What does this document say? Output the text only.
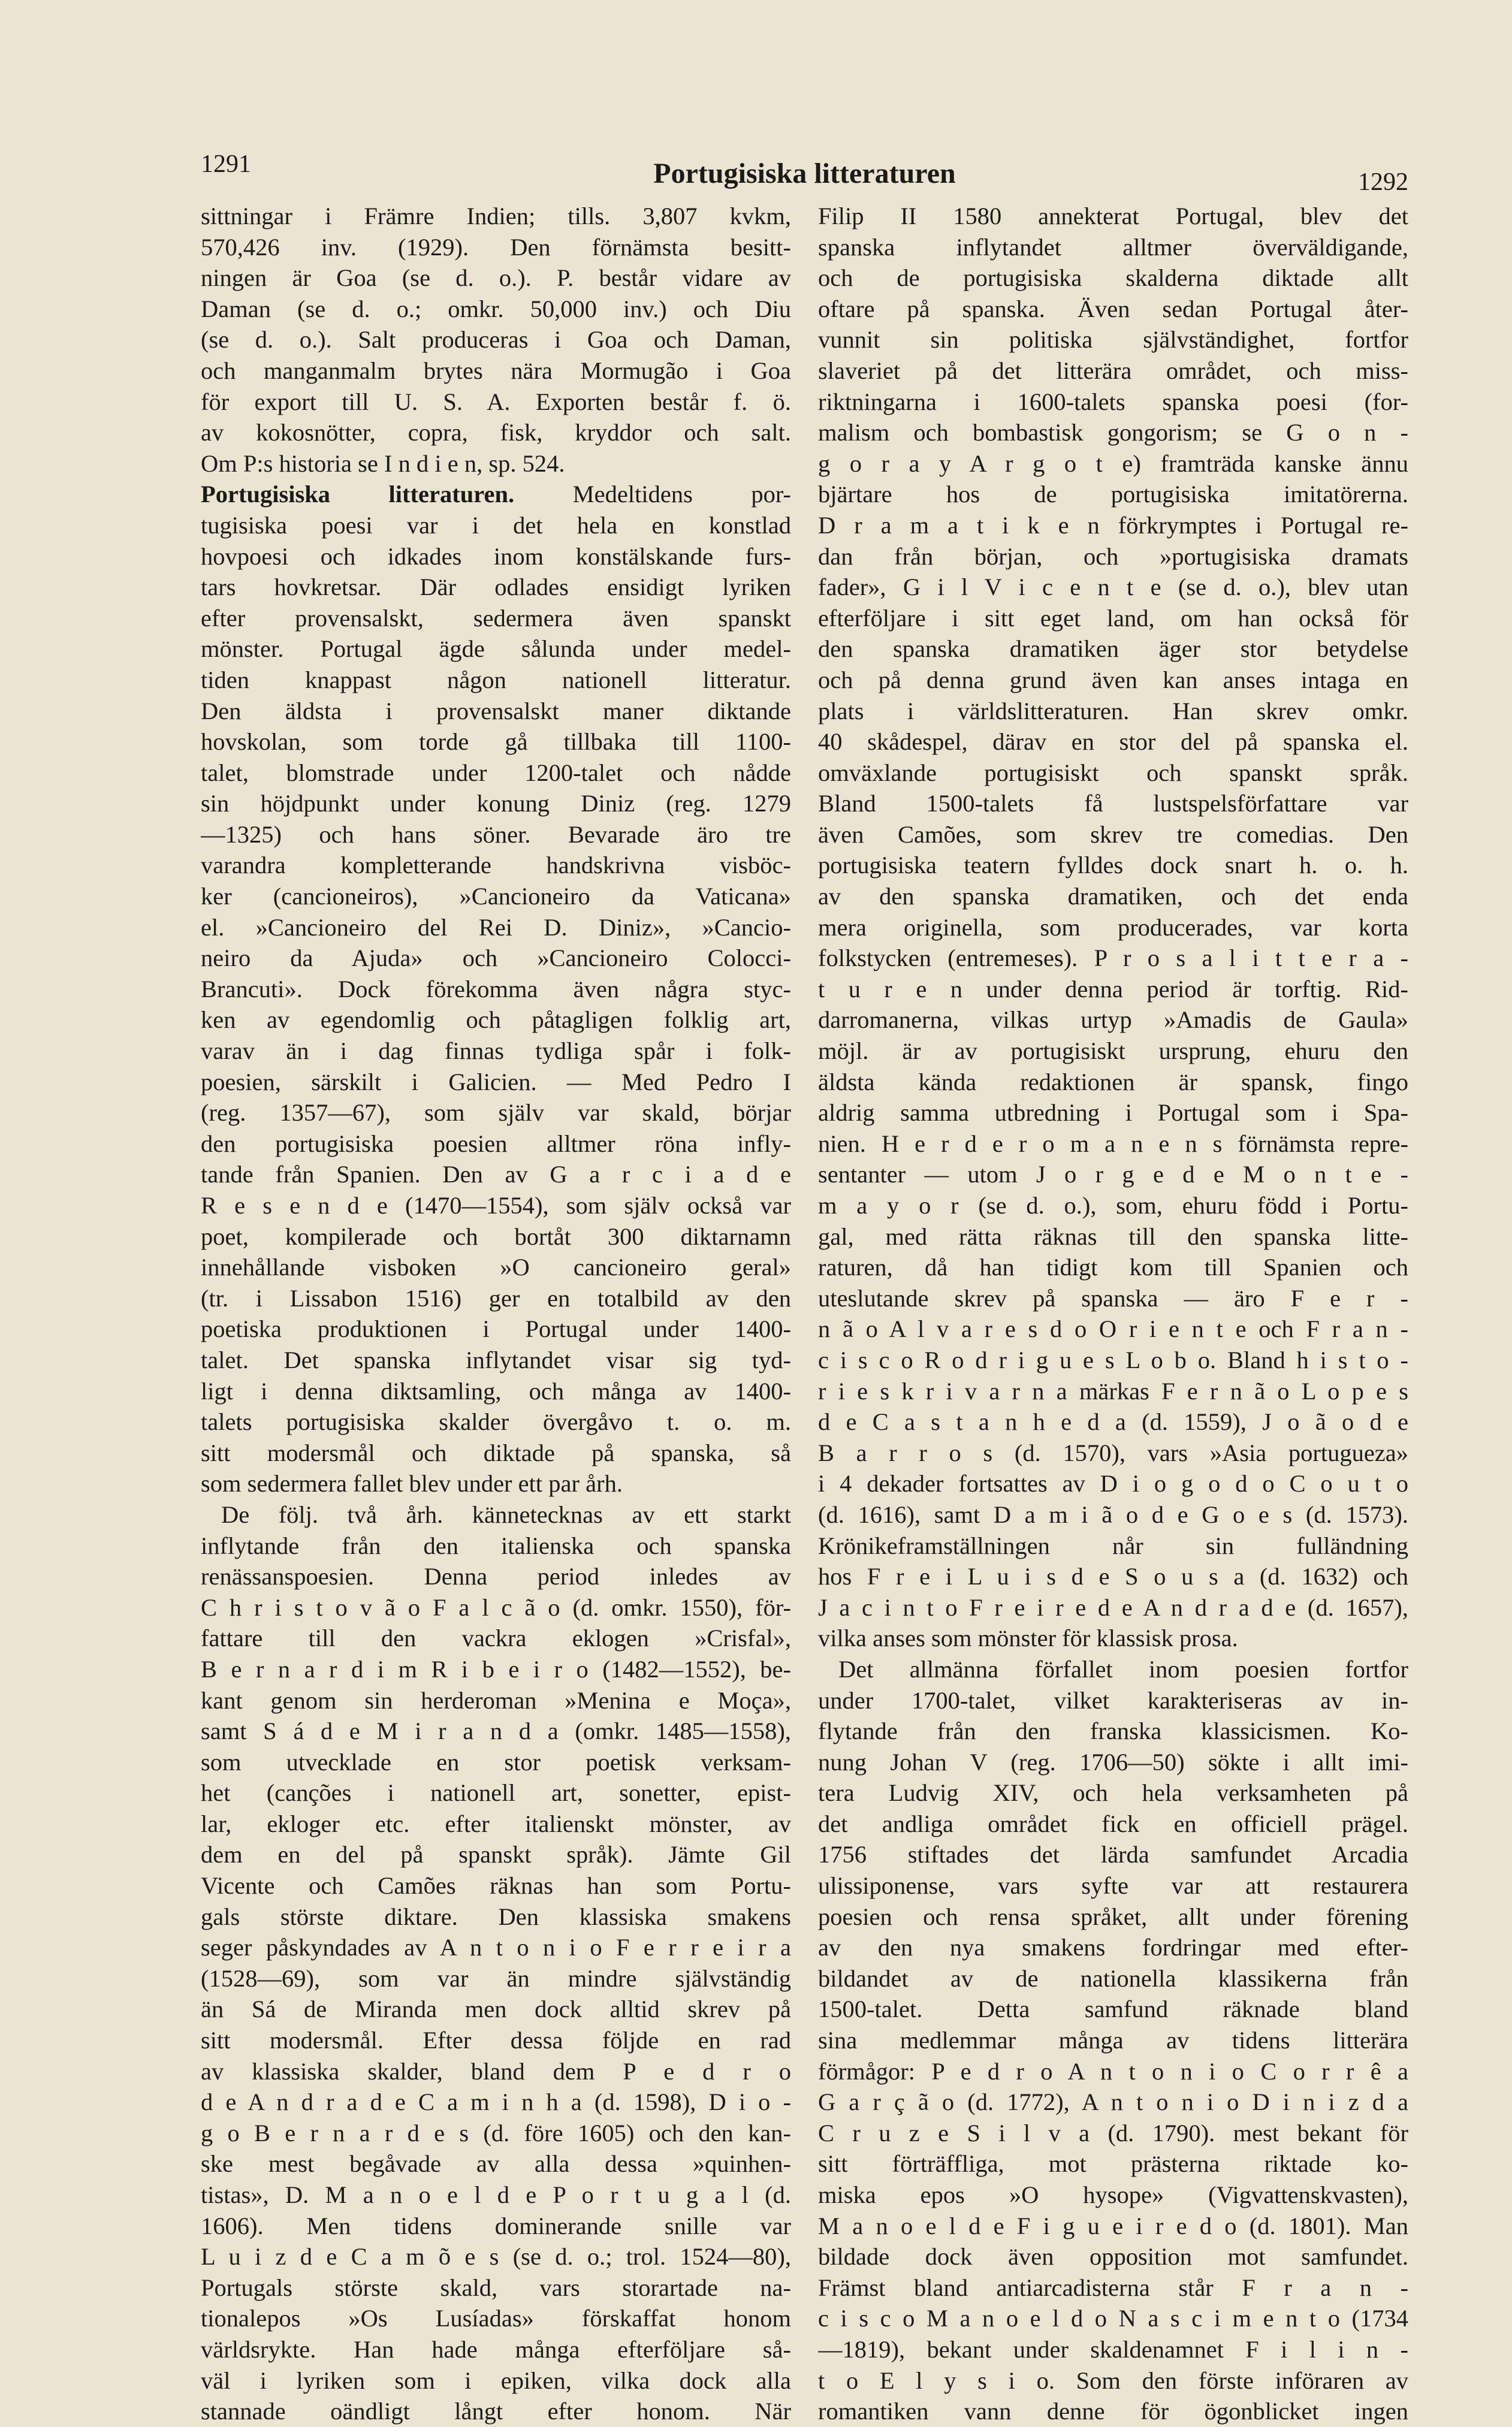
1291	Portugisiska litteraturen	1292
sittningar i Främre Indien; tills. 3,807 kvkm,
570,426 inv. (1929). Den förnämsta besitt-
ningen är Goa (se d. o.). P. består vidare av
Daman (se d. o.; omkr. 50,000 inv.) och Diu
(se d. o.). Salt produceras i Goa och Daman,
och manganmalm brytes nära Mormugão i Goa
för export till U. S. A. Exporten består f. ö.
av kokosnötter, copra, fisk, kryddor och salt.
Om P:s historia se I n d i e n, sp. 524.
Portugisiska litteraturen. Medeltidens por-
tugisiska poesi var i det hela en konstlad
hovpoesi och idkades inom konstälskande furs-
tars hovkretsar. Där odlades ensidigt lyriken
efter provensalskt, sedermera även spanskt
mönster. Portugal ägde sålunda under medel-
tiden knappast någon nationell litteratur.
Den äldsta i provensalskt maner diktande
hovskolan, som torde gå tillbaka till 1100-
talet, blomstrade under 1200-talet och nådde
sin höjdpunkt under konung Diniz (reg. 1279
—1325) och hans söner. Bevarade äro tre
varandra kompletterande handskrivna visböc-
ker (cancioneiros), »Cancioneiro da Vaticana»
el. »Cancioneiro del Rei D. Diniz», »Cancio-
neiro da Ajuda» och »Cancioneiro Colocci-
Brancuti». Dock förekomma även några styc-
ken av egendomlig och påtagligen folklig art,
varav än i dag finnas tydliga spår i folk-
poesien, särskilt i Galicien. — Med Pedro I
(reg. 1357—67), som själv var skald, börjar
den portugisiska poesien alltmer röna infly-
tande från Spanien. Den av G a r c i a d e
R e s e n d e (1470—1554), som själv också var
poet, kompilerade och bortåt 300 diktarnamn
innehållande visboken »O cancioneiro geral»
(tr. i Lissabon 1516) ger en totalbild av den
poetiska produktionen i Portugal under 1400-
talet. Det spanska inflytandet visar sig tyd-
ligt i denna diktsamling, och många av 1400-
talets portugisiska skalder övergåvo t. o. m.
sitt modersmål och diktade på spanska, så
som sedermera fallet blev under ett par årh.
De följ. två årh. kännetecknas av ett starkt
inflytande från den italienska och spanska
renässanspoesien. Denna period inledes av
C h r i s t o v ã o F a l c ã o (d. omkr. 1550), för-
fattare till den vackra eklogen »Crisfal»,
B e r n a r d i m R i b e i r o (1482—1552), be-
kant genom sin herderoman »Menina e Moça»,
samt S á d e M i r a n d a (omkr. 1485—1558),
som utvecklade en stor poetisk verksam-
het (canções i nationell art, sonetter, epist-
lar, ekloger etc. efter italienskt mönster, av
dem en del på spanskt språk). Jämte Gil
Vicente och Camões räknas han som Portu-
gals störste diktare. Den klassiska smakens
seger påskyndades av A n t o n i o F e r r e i r a
(1528—69), som var än mindre självständig
än Sá de Miranda men dock alltid skrev på
sitt modersmål. Efter dessa följde en rad
av klassiska skalder, bland dem P e d r o
d e A n d r a d e C a m i n h a (d. 1598), D i o -
g o B e r n a r d e s (d. före 1605) och den kan-
ske mest begåvade av alla dessa »quinhen-
tistas», D. M a n o e l d e P o r t u g a l (d.
1606). Men tidens dominerande snille var
L u i z d e C a m õ e s (se d. o.; trol. 1524—80),
Portugals störste skald, vars storartade na-
tionalepos »Os Lusíadas» förskaffat honom
världsrykte. Han hade många efterföljare så-
väl i lyriken som i epiken, vilka dock alla
stannade oändligt långt efter honom. När
Filip II 1580 annekterat Portugal, blev det
spanska inflytandet alltmer överväldigande,
och de portugisiska skalderna diktade allt
oftare på spanska. Även sedan Portugal åter-
vunnit sin politiska självständighet, fortfor
slaveriet på det litterära området, och miss-
riktningarna i 1600-talets spanska poesi (for-
malism och bombastisk gongorism; se G o n -
g o r a y A r g o t e) framträda kanske ännu
bjärtare hos de portugisiska imitatörerna.
D r a m a t i k e n förkrymptes i Portugal re-
dan från början, och »portugisiska dramats
fader», G i l V i c e n t e (se d. o.), blev utan
efterföljare i sitt eget land, om han också för
den spanska dramatiken äger stor betydelse
och på denna grund även kan anses intaga en
plats i världslitteraturen. Han skrev omkr.
40 skådespel, därav en stor del på spanska el.
omväxlande portugisiskt och spanskt språk.
Bland 1500-talets få lustspelsförfattare var
även Camões, som skrev tre comedias. Den
portugisiska teatern fylldes dock snart h. o. h.
av den spanska dramatiken, och det enda
mera originella, som producerades, var korta
folkstycken (entremeses). P r o s a l i t t e r a -
t u r e n under denna period är torftig. Rid-
darromanerna, vilkas urtyp »Amadis de Gaula»
möjl. är av portugisiskt ursprung, ehuru den
äldsta kända redaktionen är spansk, fingo
aldrig samma utbredning i Portugal som i Spa-
nien. H e r d e r o m a n e n s förnämsta repre-
sentanter — utom J o r g e d e M o n t e -
m a y o r (se d. o.), som, ehuru född i Portu-
gal, med rätta räknas till den spanska litte-
raturen, då han tidigt kom till Spanien och
uteslutande skrev på spanska — äro F e r -
n ã o A l v a r e s d o O r i e n t e och F r a n -
c i s c o R o d r i g u e s L o b o. Bland h i s t o -
r i e s k r i v a r n a märkas F e r n ã o L o p e s
d e C a s t a n h e d a (d. 1559), J o ã o d e
B a r r o s (d. 1570), vars »Asia portugueza»
i 4 dekader fortsattes av D i o g o d o C o u t o
(d. 1616), samt D a m i ã o d e G o e s (d. 1573).
Krönikeframställningen når sin fulländning
hos F r e i L u i s d e S o u s a (d. 1632) och
J a c i n t o F r e i r e d e A n d r a d e (d. 1657),
vilka anses som mönster för klassisk prosa.
Det allmänna förfallet inom poesien fortfor
under 1700-talet, vilket karakteriseras av in-
flytande från den franska klassicismen. Ko-
nung Johan V (reg. 1706—50) sökte i allt imi-
tera Ludvig XIV, och hela verksamheten på
det andliga området fick en officiell prägel.
1756 stiftades det lärda samfundet Arcadia
ulissiponense, vars syfte var att restaurera
poesien och rensa språket, allt under förening
av den nya smakens fordringar med efter-
bildandet av de nationella klassikerna från
1500-talet. Detta samfund räknade bland
sina medlemmar många av tidens litterära
förmågor: P e d r o A n t o n i o C o r r ê a
G a r ç ã o (d. 1772), A n t o n i o D i n i z d a
C r u z e S i l v a (d. 1790). mest bekant för
sitt förträffliga, mot prästerna riktade ko-
miska epos »O hysope» (Vigvattenskvasten),
M a n o e l d e F i g u e i r e d o (d. 1801). Man
bildade dock även opposition mot samfundet.
Främst bland antiarcadisterna står F r a n -
c i s c o M a n o e l d o N a s c i m e n t o (1734
—1819), bekant under skaldenamnet F i l i n -
t o E l y s i o. Som den förste införaren av
romantiken vann denne för ögonblicket ingen
